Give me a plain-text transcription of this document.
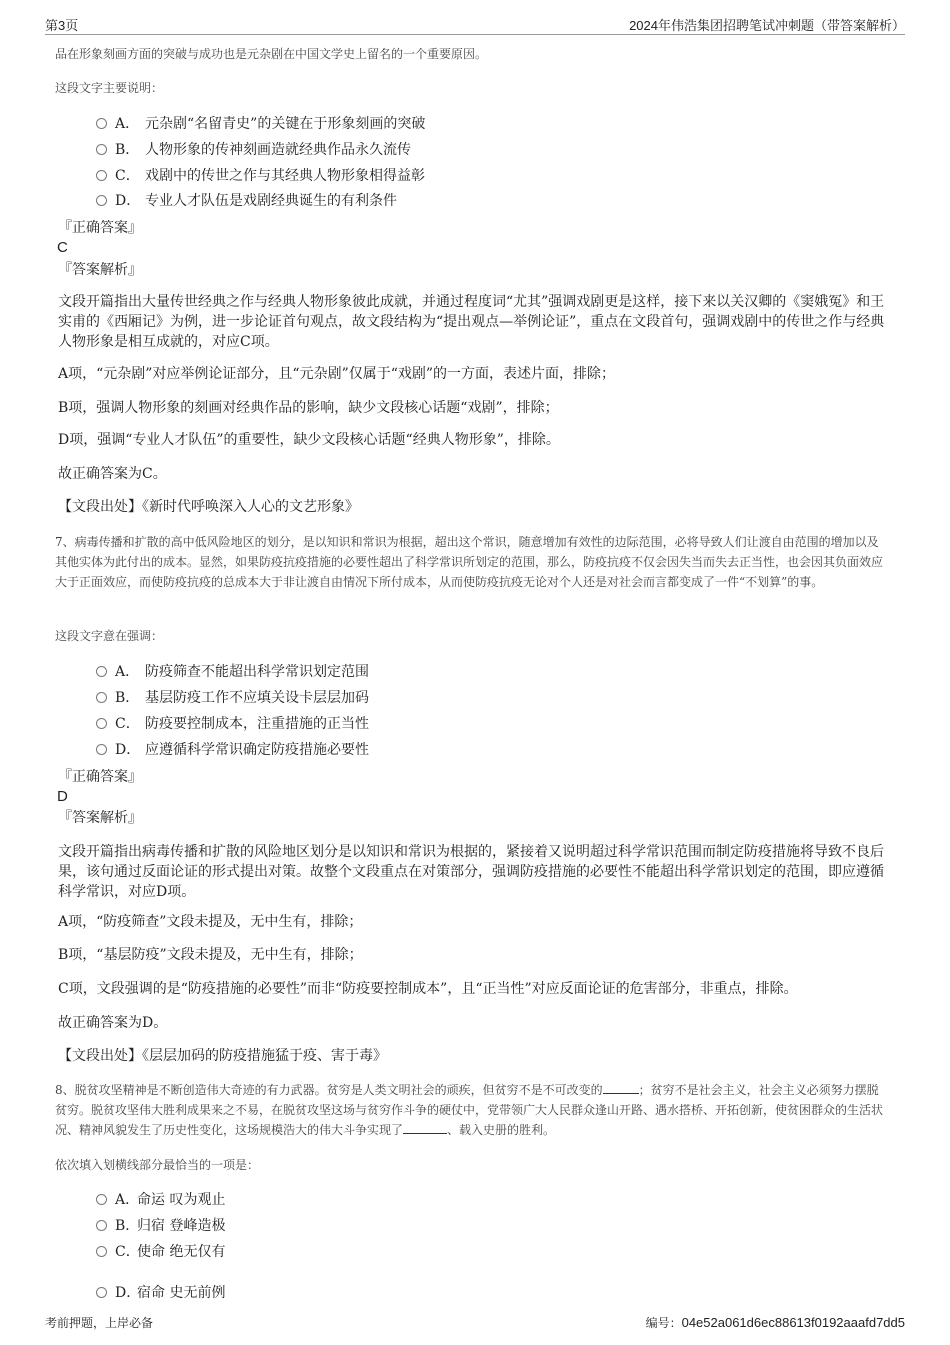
第3页	2024年伟浩集团招聘笔试冲刺题（带答案解析）

品在形象刻画方面的突破与成功也是元杂剧在中国文学史上留名的一个重要原因。

这段文字主要说明：

A． 元杂剧“名留青史”的关键在于形象刻画的突破
B． 人物形象的传神刻画造就经典作品永久流传
C． 戏剧中的传世之作与其经典人物形象相得益彰
D． 专业人才队伍是戏剧经典诞生的有利条件
『正确答案』
C
『答案解析』

文段开篇指出大量传世经典之作与经典人物形象彼此成就，并通过程度词“尤其”强调戏剧更是这样，接下来以关汉卿的《窦娥冤》和王实甫的《西厢记》为例，进一步论证首句观点，故文段结构为“提出观点—举例论证”，重点在文段首句，强调戏剧中的传世之作与经典人物形象是相互成就的，对应C项。

A项，“元杂剧”对应举例论证部分，且“元杂剧”仅属于“戏剧”的一方面，表述片面，排除；

B项，强调人物形象的刻画对经典作品的影响，缺少文段核心话题“戏剧”，排除；

D项，强调“专业人才队伍”的重要性，缺少文段核心话题“经典人物形象”，排除。

故正确答案为C。

【文段出处】《新时代呼唤深入人心的文艺形象》

7、病毒传播和扩散的高中低风险地区的划分，是以知识和常识为根据，超出这个常识，随意增加有效性的边际范围，必将导致人们让渡自由范围的增加以及其他实体为此付出的成本。显然，如果防疫抗疫措施的必要性超出了科学常识所划定的范围，那么，防疫抗疫不仅会因失当而失去正当性，也会因其负面效应大于正面效应，而使防疫抗疫的总成本大于非让渡自由情况下所付成本，从而使防疫抗疫无论对个人还是对社会而言都变成了一件“不划算”的事。

这段文字意在强调：

A． 防疫筛查不能超出科学常识划定范围
B． 基层防疫工作不应填关设卡层层加码
C． 防疫要控制成本，注重措施的正当性
D． 应遵循科学常识确定防疫措施必要性
『正确答案』
D
『答案解析』

文段开篇指出病毒传播和扩散的风险地区划分是以知识和常识为根据的，紧接着又说明超过科学常识范围而制定防疫措施将导致不良后果，该句通过反面论证的形式提出对策。故整个文段重点在对策部分，强调防疫措施的必要性不能超出科学常识划定的范围，即应遵循科学常识，对应D项。

A项，“防疫筛查”文段未提及，无中生有，排除；

B项，“基层防疫”文段未提及，无中生有，排除；

C项，文段强调的是“防疫措施的必要性”而非“防疫要控制成本”，且“正当性”对应反面论证的危害部分，非重点，排除。

故正确答案为D。

【文段出处】《层层加码的防疫措施猛于疫、害于毒》

8、脱贫攻坚精神是不断创造伟大奇迹的有力武器。贫穷是人类文明社会的顽疾，但贫穷不是不可改变的	；贫穷不是社会主义，社会主义必须努力摆脱贫穷。脱贫攻坚伟大胜利成果来之不易，在脱贫攻坚这场与贫穷作斗争的硬仗中，党带领广大人民群众逢山开路、遇水搭桥、开拓创新，使贫困群众的生活状况、精神风貌发生了历史性变化，这场规模浩大的伟大斗争实现了	、载入史册的胜利。

依次填入划横线部分最恰当的一项是：

A．命运 叹为观止
B．归宿 登峰造极
C．使命 绝无仅有
D．宿命 史无前例
考前押题，上岸必备	编号：04e52a061d6ec88613f0192aaafd7dd5
